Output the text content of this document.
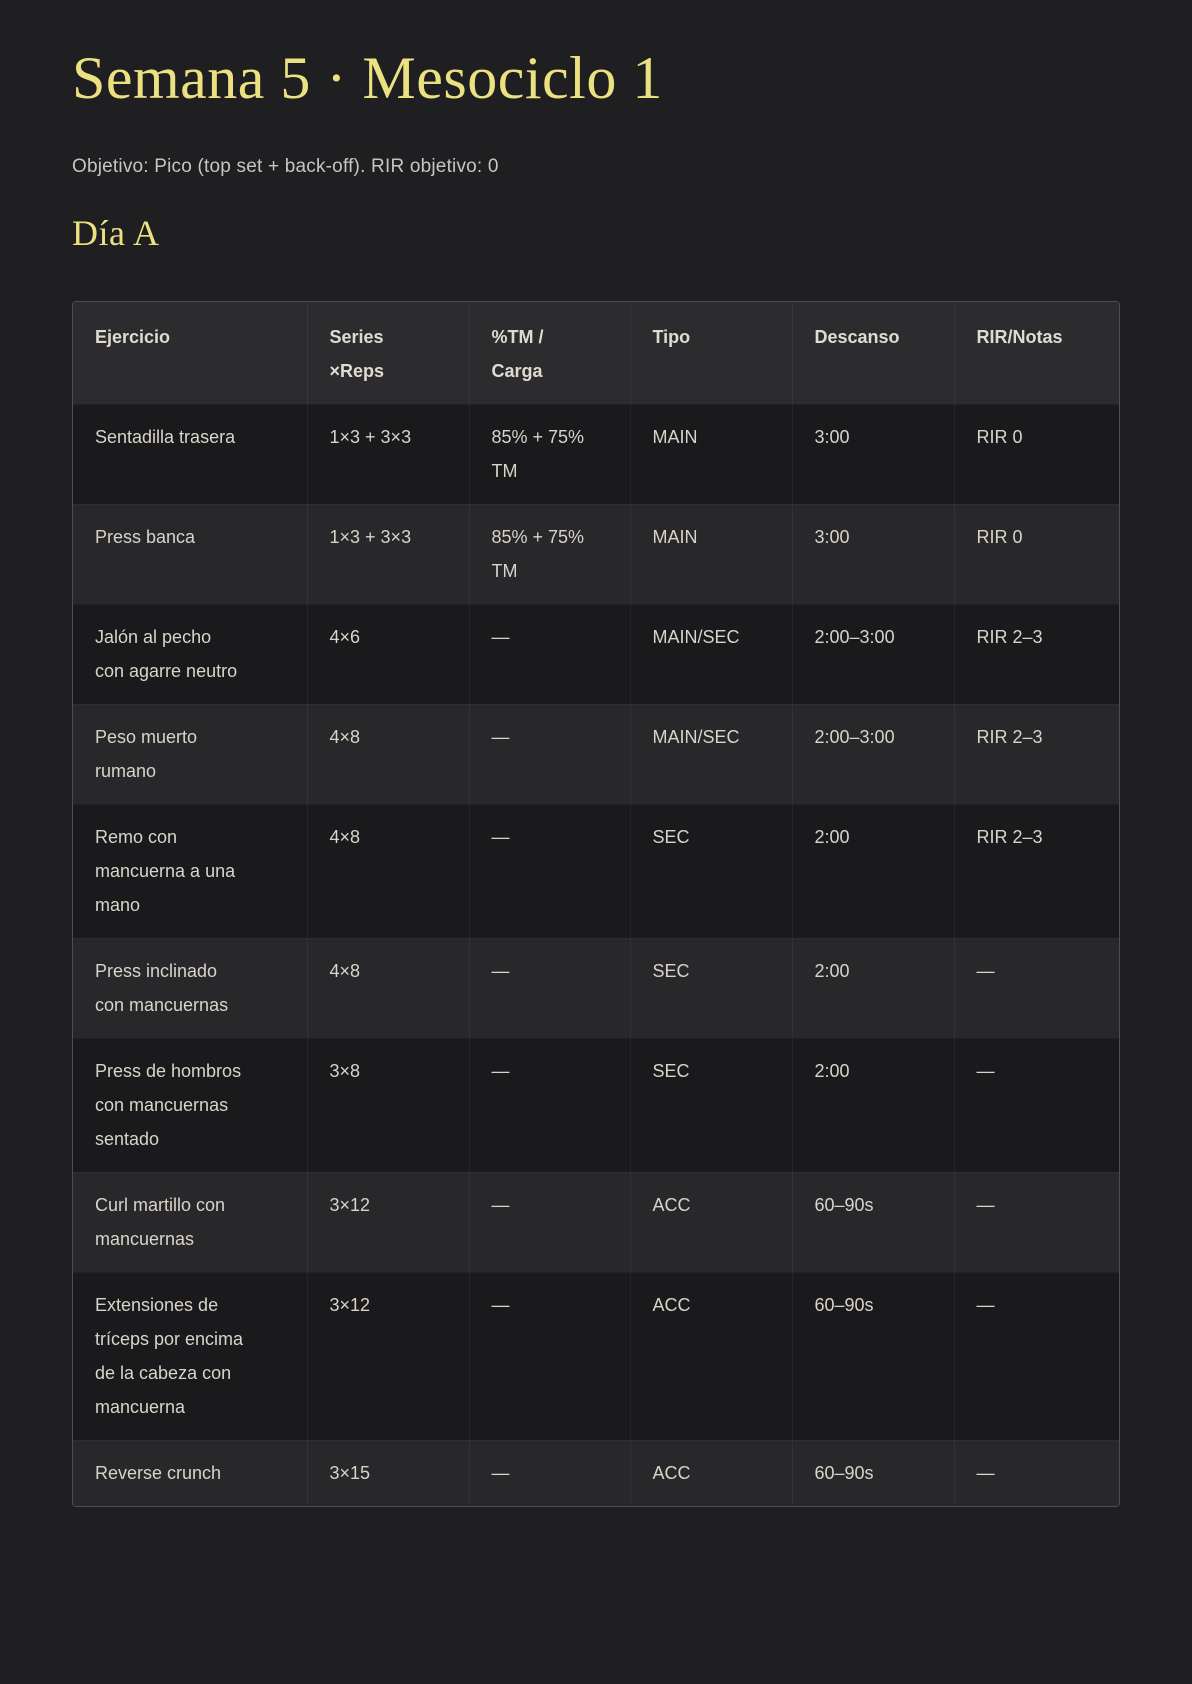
Semana 5 · Mesociclo 1

Objetivo: Pico (top set + back-off). RIR objetivo: 0

Día A
Ejercicio	Series ×Reps	%TM / Carga	Tipo	Descanso	RIR/Notas
Sentadilla trasera	1×3 + 3×3	85% + 75% TM	MAIN	3:00	RIR 0
Press banca	1×3 + 3×3	85% + 75% TM	MAIN	3:00	RIR 0
Jalón al pecho con agarre neutro	4×6	—	MAIN/SEC	2:00–3:00	RIR 2–3
Peso muerto rumano	4×8	—	MAIN/SEC	2:00–3:00	RIR 2–3
Remo con mancuerna a una mano	4×8	—	SEC	2:00	RIR 2–3
Press inclinado con mancuernas	4×8	—	SEC	2:00	—
Press de hombros con mancuernas sentado	3×8	—	SEC	2:00	—
Curl martillo con mancuernas	3×12	—	ACC	60–90s	—
Extensiones de tríceps por encima de la cabeza con mancuerna	3×12	—	ACC	60–90s	—
Reverse crunch	3×15	—	ACC	60–90s	—
